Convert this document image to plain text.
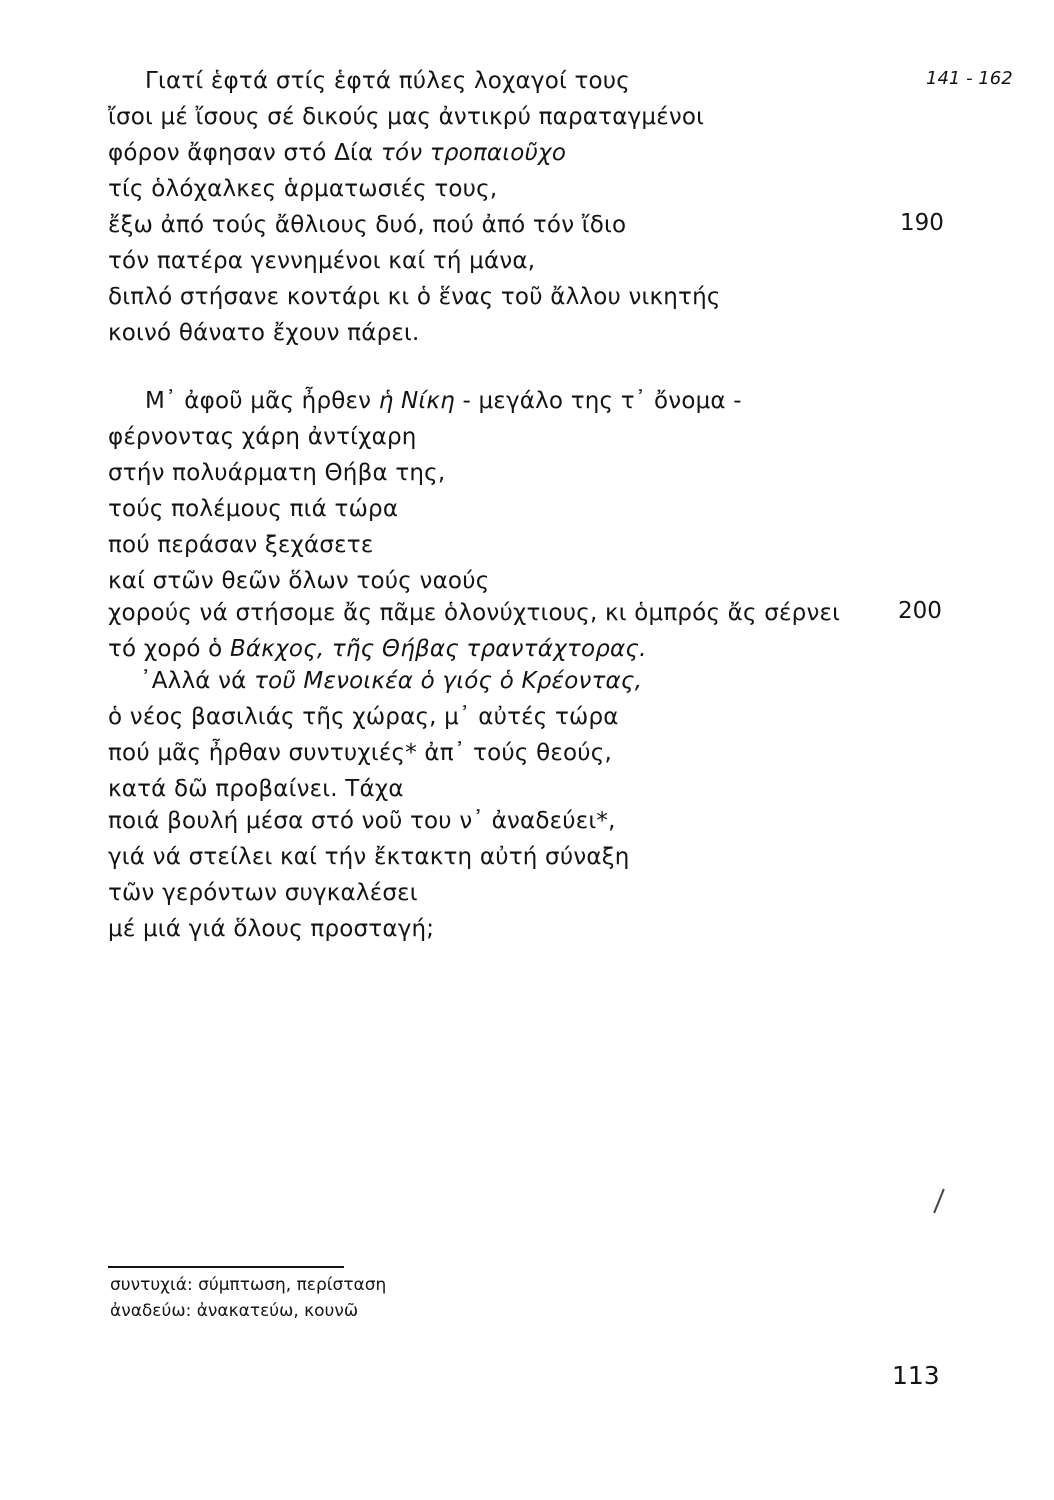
141 - 162
Γιατί ἑφτά στίς ἑφτά πύλες λοχαγοί τους
ἴσοι μέ ἴσους σέ δικούς μας ἀντικρύ παραταγμένοι
φόρον ἄφησαν στό Δία τόν τροπαιοῦχο
τίς ὁλόχαλκες ἁρματωσιές τους,
ἔξω ἀπό τούς ἄθλιους δυό, πού ἀπό τόν ἴδιο	190
τόν πατέρα γεννημένοι καί τή μάνα,
διπλό στήσανε κοντάρι κι ὁ ἕνας τοῦ ἄλλου νικητής
κοινό θάνατο ἔχουν πάρει.
Μ᾽ ἀφοῦ μᾶς ἦρθεν ἡ Νίκη - μεγάλο της τ᾽ ὄνομα -
φέρνοντας χάρη ἀντίχαρη
στήν πολυάρματη Θήβα της,
τούς πολέμους πιά τώρα
πού περάσαν ξεχάσετε
καί στῶν θεῶν ὅλων τούς ναούς
χορούς νά στήσομε ἄς πᾶμε ὁλονύχτιους, κι ὁμπρός ἄς σέρνει	200
τό χορό ὁ Βάκχος, τῆς Θήβας τραντάχτορας.
᾽Αλλά νά τοῦ Μενοικέα ὁ γιός ὁ Κρέοντας,
ὁ νέος βασιλιάς τῆς χώρας, μ᾽ αὐτές τώρα
πού μᾶς ἦρθαν συντυχιές* ἀπ᾽ τούς θεούς,
κατά δῶ προβαίνει. Τάχα
ποιά βουλή μέσα στό νοῦ του ν᾽ ἀναδεύει*,
γιά νά στείλει καί τήν ἔκτακτη αὐτή σύναξη
τῶν γερόντων συγκαλέσει
μέ μιά γιά ὅλους προσταγή;
συντυχιά: σύμπτωση, περίσταση
ἀναδεύω: ἀνακατεύω, κουνῶ
113
